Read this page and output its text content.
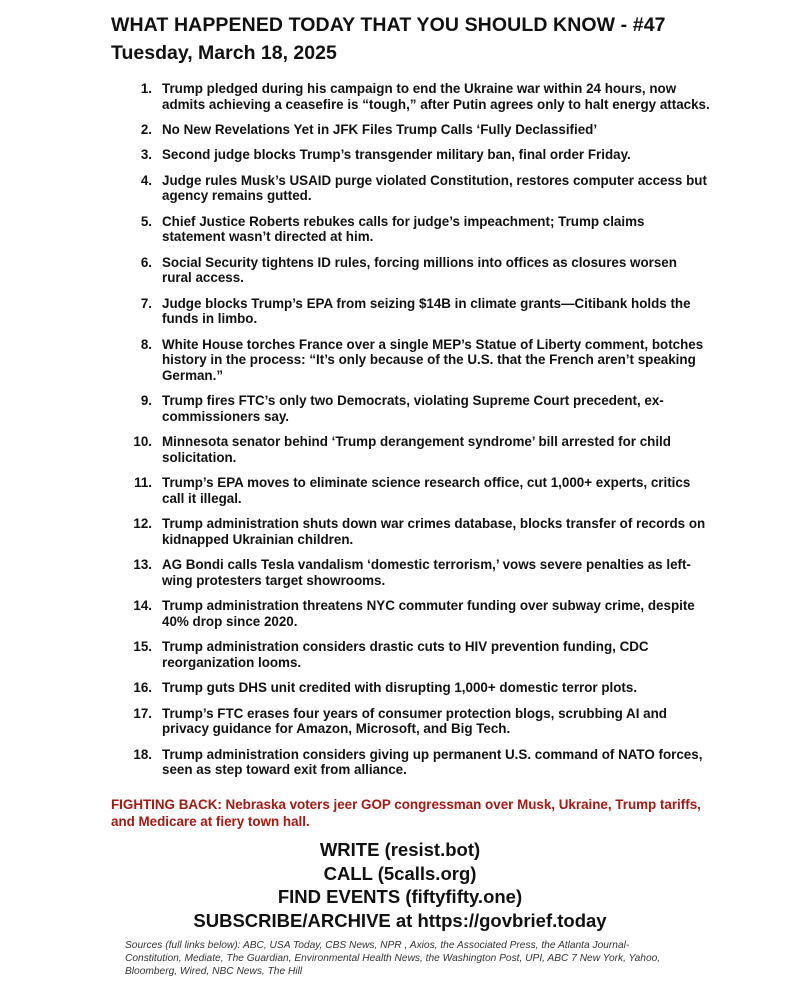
WHAT HAPPENED TODAY THAT YOU SHOULD KNOW - #47
Tuesday, March 18, 2025
1. Trump pledged during his campaign to end the Ukraine war within 24 hours, now admits achieving a ceasefire is “tough,” after Putin agrees only to halt energy attacks.
2. No New Revelations Yet in JFK Files Trump Calls ‘Fully Declassified’
3. Second judge blocks Trump’s transgender military ban, final order Friday.
4. Judge rules Musk’s USAID purge violated Constitution, restores computer access but agency remains gutted.
5. Chief Justice Roberts rebukes calls for judge’s impeachment; Trump claims statement wasn’t directed at him.
6. Social Security tightens ID rules, forcing millions into offices as closures worsen rural access.
7. Judge blocks Trump’s EPA from seizing $14B in climate grants—Citibank holds the funds in limbo.
8. White House torches France over a single MEP’s Statue of Liberty comment, botches history in the process: “It’s only because of the U.S. that the French aren’t speaking German.”
9. Trump fires FTC’s only two Democrats, violating Supreme Court precedent, ex-commissioners say.
10. Minnesota senator behind ‘Trump derangement syndrome’ bill arrested for child solicitation.
11. Trump’s EPA moves to eliminate science research office, cut 1,000+ experts, critics call it illegal.
12. Trump administration shuts down war crimes database, blocks transfer of records on kidnapped Ukrainian children.
13. AG Bondi calls Tesla vandalism ‘domestic terrorism,’ vows severe penalties as left-wing protesters target showrooms.
14. Trump administration threatens NYC commuter funding over subway crime, despite 40% drop since 2020.
15. Trump administration considers drastic cuts to HIV prevention funding, CDC reorganization looms.
16. Trump guts DHS unit credited with disrupting 1,000+ domestic terror plots.
17. Trump’s FTC erases four years of consumer protection blogs, scrubbing AI and privacy guidance for Amazon, Microsoft, and Big Tech.
18. Trump administration considers giving up permanent U.S. command of NATO forces, seen as step toward exit from alliance.
FIGHTING BACK: Nebraska voters jeer GOP congressman over Musk, Ukraine, Trump tariffs, and Medicare at fiery town hall.
WRITE (resist.bot)
CALL (5calls.org)
FIND EVENTS (fiftyfifty.one)
SUBSCRIBE/ARCHIVE at https://govbrief.today
Sources (full links below): ABC, USA Today, CBS News, NPR , Axios, the Associated Press, the Atlanta Journal-Constitution, Mediate, The Guardian, Environmental Health News, the Washington Post, UPI, ABC 7 New York, Yahoo, Bloomberg, Wired, NBC News, The Hill
